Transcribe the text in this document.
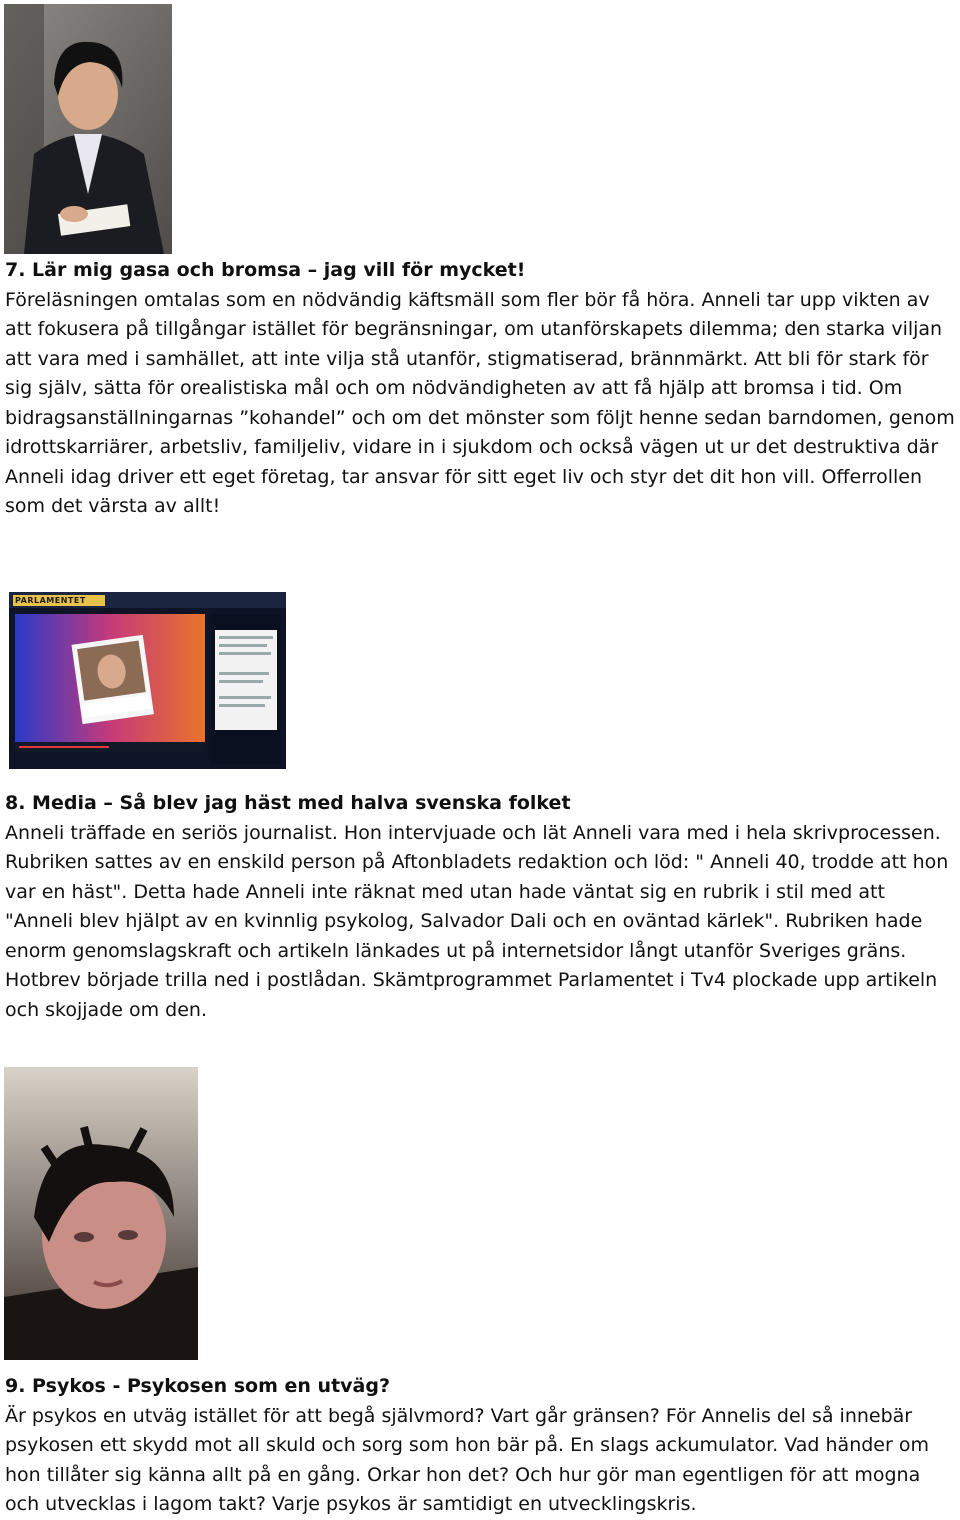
7. Lär mig gasa och bromsa – jag vill för mycket!

Föreläsningen omtalas som en nödvändig käftsmäll som fler bör få höra. Anneli tar upp vikten av att fokusera på tillgångar istället för begränsningar, om utanförskapets dilemma; den starka viljan att vara med i samhället, att inte vilja stå utanför, stigmatiserad, brännmärkt. Att bli för stark för sig själv, sätta för orealistiska mål och om nödvändigheten av att få hjälp att bromsa i tid. Om bidragsanställningarnas ”kohandel” och om det mönster som följt henne sedan barndomen, genom idrottskarriärer, arbetsliv, familjeliv, vidare in i sjukdom och också vägen ut ur det destruktiva där Anneli idag driver ett eget företag, tar ansvar för sitt eget liv och styr det dit hon vill. Offerrollen som det värsta av allt!

PARLAMENTET

8. Media – Så blev jag häst med halva svenska folket

Anneli träffade en seriös journalist. Hon intervjuade och lät Anneli vara med i hela skrivprocessen. Rubriken sattes av en enskild person på Aftonbladets redaktion och löd: " Anneli 40, trodde att hon var en häst". Detta hade Anneli inte räknat med utan hade väntat sig en rubrik i stil med att "Anneli blev hjälpt av en kvinnlig psykolog, Salvador Dali och en oväntad kärlek". Rubriken hade enorm genomslagskraft och artikeln länkades ut på internetsidor långt utanför Sveriges gräns. Hotbrev började trilla ned i postlådan. Skämtprogrammet Parlamentet i Tv4 plockade upp artikeln och skojjade om den.

9. Psykos - Psykosen som en utväg?

Är psykos en utväg istället för att begå självmord? Vart går gränsen? För Annelis del så innebär psykosen ett skydd mot all skuld och sorg som hon bär på. En slags ackumulator. Vad händer om hon tillåter sig känna allt på en gång. Orkar hon det? Och hur gör man egentligen för att mogna och utvecklas i lagom takt? Varje psykos är samtidigt en utvecklingskris.
